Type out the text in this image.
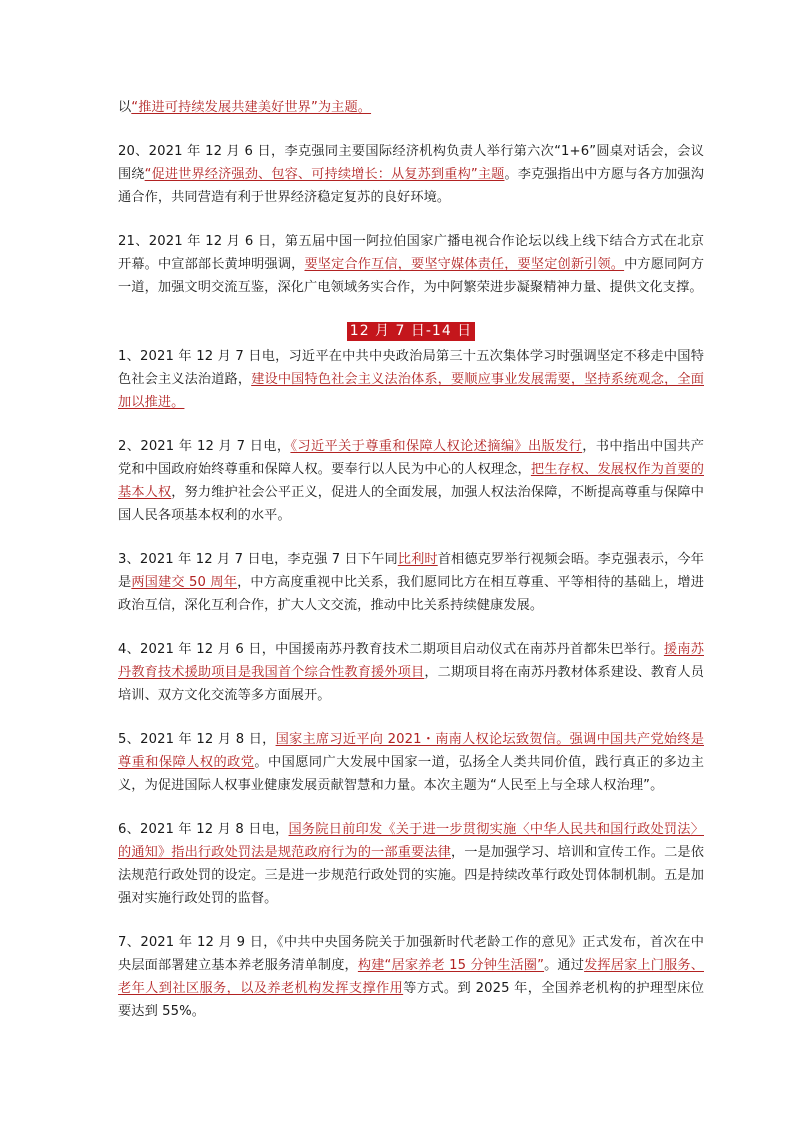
以“推进可持续发展共建美好世界”为主题。

20、2021 年 12 月 6 日，李克强同主要国际经济机构负责人举行第六次“1+6”圆桌对话会，会议围绕“促进世界经济强劲、包容、可持续增长：从复苏到重构”主题。李克强指出中方愿与各方加强沟通合作，共同营造有利于世界经济稳定复苏的良好环境。

21、2021 年 12 月 6 日，第五届中国一阿拉伯国家广播电视合作论坛以线上线下结合方式在北京开幕。中宣部部长黄坤明强调，要坚定合作互信，要坚守媒体责任，要坚定创新引领。中方愿同阿方一道，加强文明交流互鉴，深化广电领域务实合作，为中阿繁荣进步凝聚精神力量、提供文化支撑。

12 月 7 日-14 日

1、2021 年 12 月 7 日电，习近平在中共中央政治局第三十五次集体学习时强调坚定不移走中国特色社会主义法治道路，建设中国特色社会主义法治体系，要顺应事业发展需要，坚持系统观念，全面加以推进。

2、2021 年 12 月 7 日电，《习近平关于尊重和保障人权论述摘编》出版发行，书中指出中国共产党和中国政府始终尊重和保障人权。要奉行以人民为中心的人权理念，把生存权、发展权作为首要的基本人权，努力维护社会公平正义，促进人的全面发展，加强人权法治保障，不断提高尊重与保障中国人民各项基本权利的水平。

3、2021 年 12 月 7 日电，李克强 7 日下午同比利时首相德克罗举行视频会晤。李克强表示，今年是两国建交 50 周年，中方高度重视中比关系，我们愿同比方在相互尊重、平等相待的基础上，增进政治互信，深化互利合作，扩大人文交流，推动中比关系持续健康发展。

4、2021 年 12 月 6 日，中国援南苏丹教育技术二期项目启动仪式在南苏丹首都朱巴举行。援南苏丹教育技术援助项目是我国首个综合性教育援外项目，二期项目将在南苏丹教材体系建设、教育人员培训、双方文化交流等多方面展开。

5、2021 年 12 月 8 日，国家主席习近平向 2021・南南人权论坛致贺信。强调中国共产党始终是尊重和保障人权的政党。中国愿同广大发展中国家一道，弘扬全人类共同价值，践行真正的多边主义，为促进国际人权事业健康发展贡献智慧和力量。本次主题为“人民至上与全球人权治理”。

6、2021 年 12 月 8 日电，国务院日前印发《关于进一步贯彻实施〈中华人民共和国行政处罚法〉的通知》指出行政处罚法是规范政府行为的一部重要法律，一是加强学习、培训和宣传工作。二是依法规范行政处罚的设定。三是进一步规范行政处罚的实施。四是持续改革行政处罚体制机制。五是加强对实施行政处罚的监督。

7、2021 年 12 月 9 日，《中共中央国务院关于加强新时代老龄工作的意见》正式发布，首次在中央层面部署建立基本养老服务清单制度，构建“居家养老 15 分钟生活圈”。通过发挥居家上门服务、老年人到社区服务，以及养老机构发挥支撑作用等方式。到 2025 年，全国养老机构的护理型床位要达到 55%。
